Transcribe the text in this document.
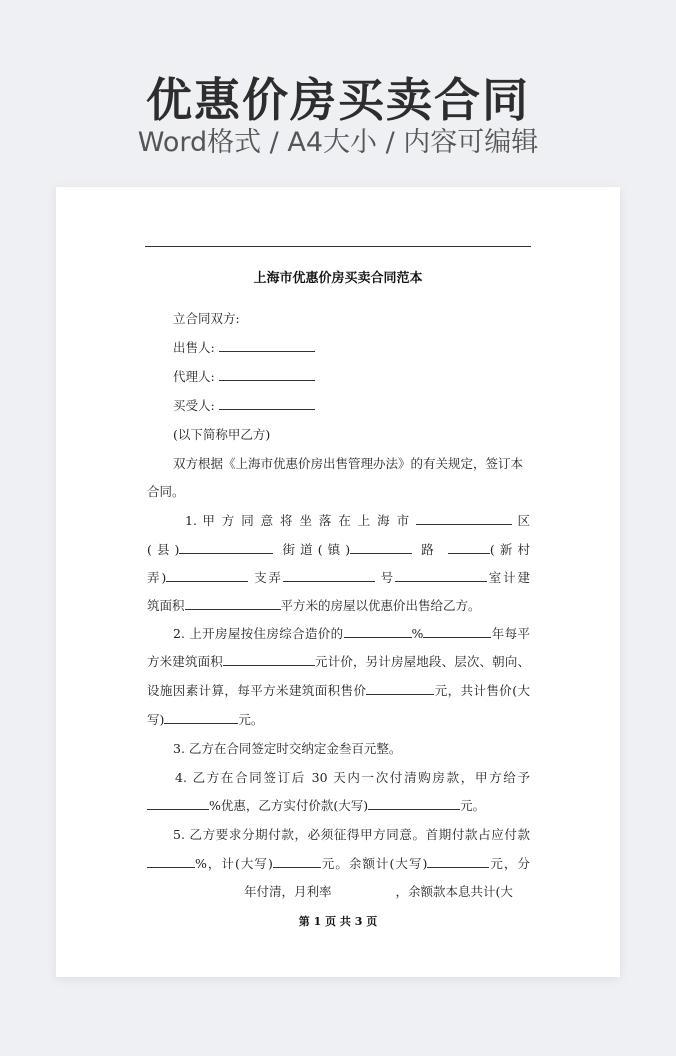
优惠价房买卖合同
Word格式 / A4大小 / 内容可编辑
上海市优惠价房买卖合同范本
立合同双方:
出售人:
代理人:
买受人:
(以下简称甲乙方)
双方根据《上海市优惠价房出售管理办法》的有关规定，签订本
合同。
1. 甲 方 同 意 将 坐 落 在 上 海 市	区
(县)	街道(镇)	路	(新村
弄)	支弄	号	室计建
筑面积	平方米的房屋以优惠价出售给乙方。
2. 上开房屋按住房综合造价的	%	年每平
方米建筑面积	元计价，另计房屋地段、层次、朝向、
设施因素计算，每平方米建筑面积售价	元，共计售价(大
写)	元。
3. 乙方在合同签定时交纳定金叁百元整。
4. 乙方在合同签订后 30 天内一次付清购房款，甲方给予
%优惠，乙方实付价款(大写)	元。
5. 乙方要求分期付款，必须征得甲方同意。首期付款占应付款
%，计(大写)	元。余额计(大写)	元，分
年付清，月利率	，余额款本息共计(大
第 1 页 共 3 页
